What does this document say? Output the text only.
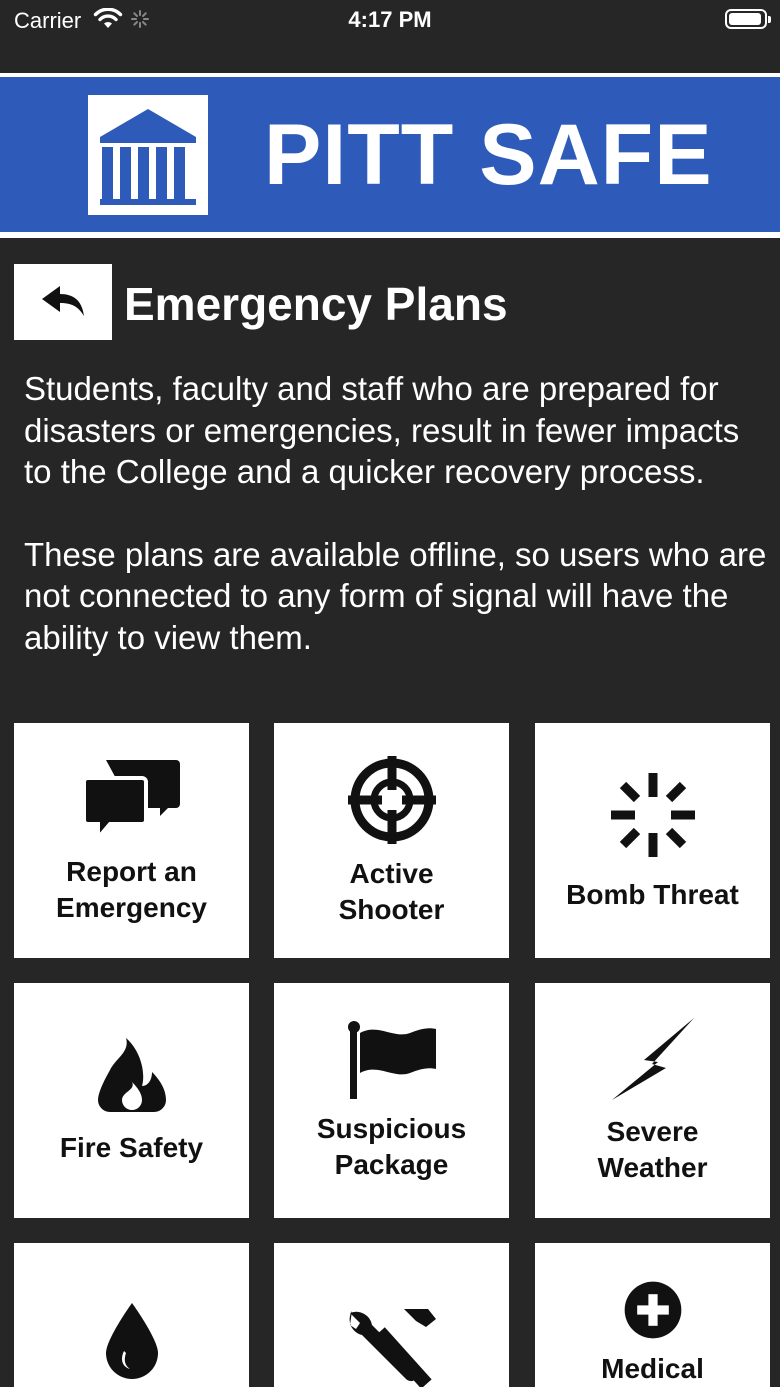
Carrier	4:17 PM
PITT SAFE
Emergency Plans

Students, faculty and staff who are prepared for disasters or emergencies, result in fewer impacts to the College and a quicker recovery process.

These plans are available offline, so users who are not connected to any form of signal will have the ability to view them.

Report an
Emergency
Active
Shooter	Bomb Threat
Fire Safety
Suspicious
Package
Severe
Weather
Medical
